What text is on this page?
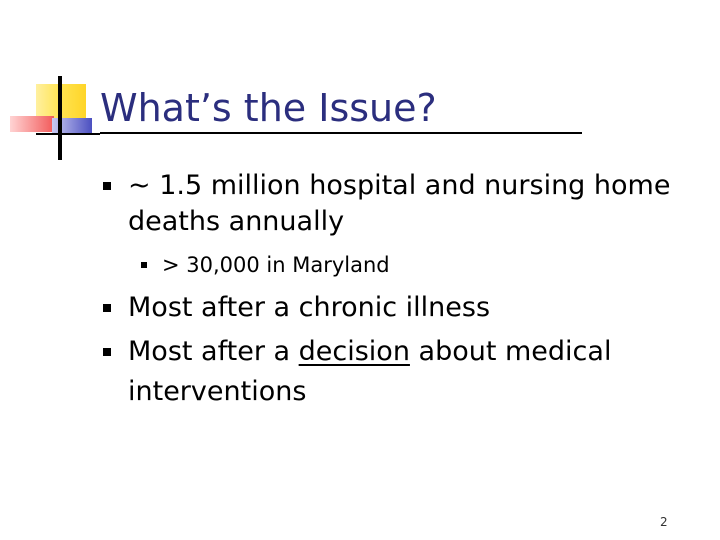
What’s the Issue?
~ 1.5 million hospital and nursing home
deaths annually
> 30,000 in Maryland
Most after a chronic illness
Most after a decision about medical
interventions
2
